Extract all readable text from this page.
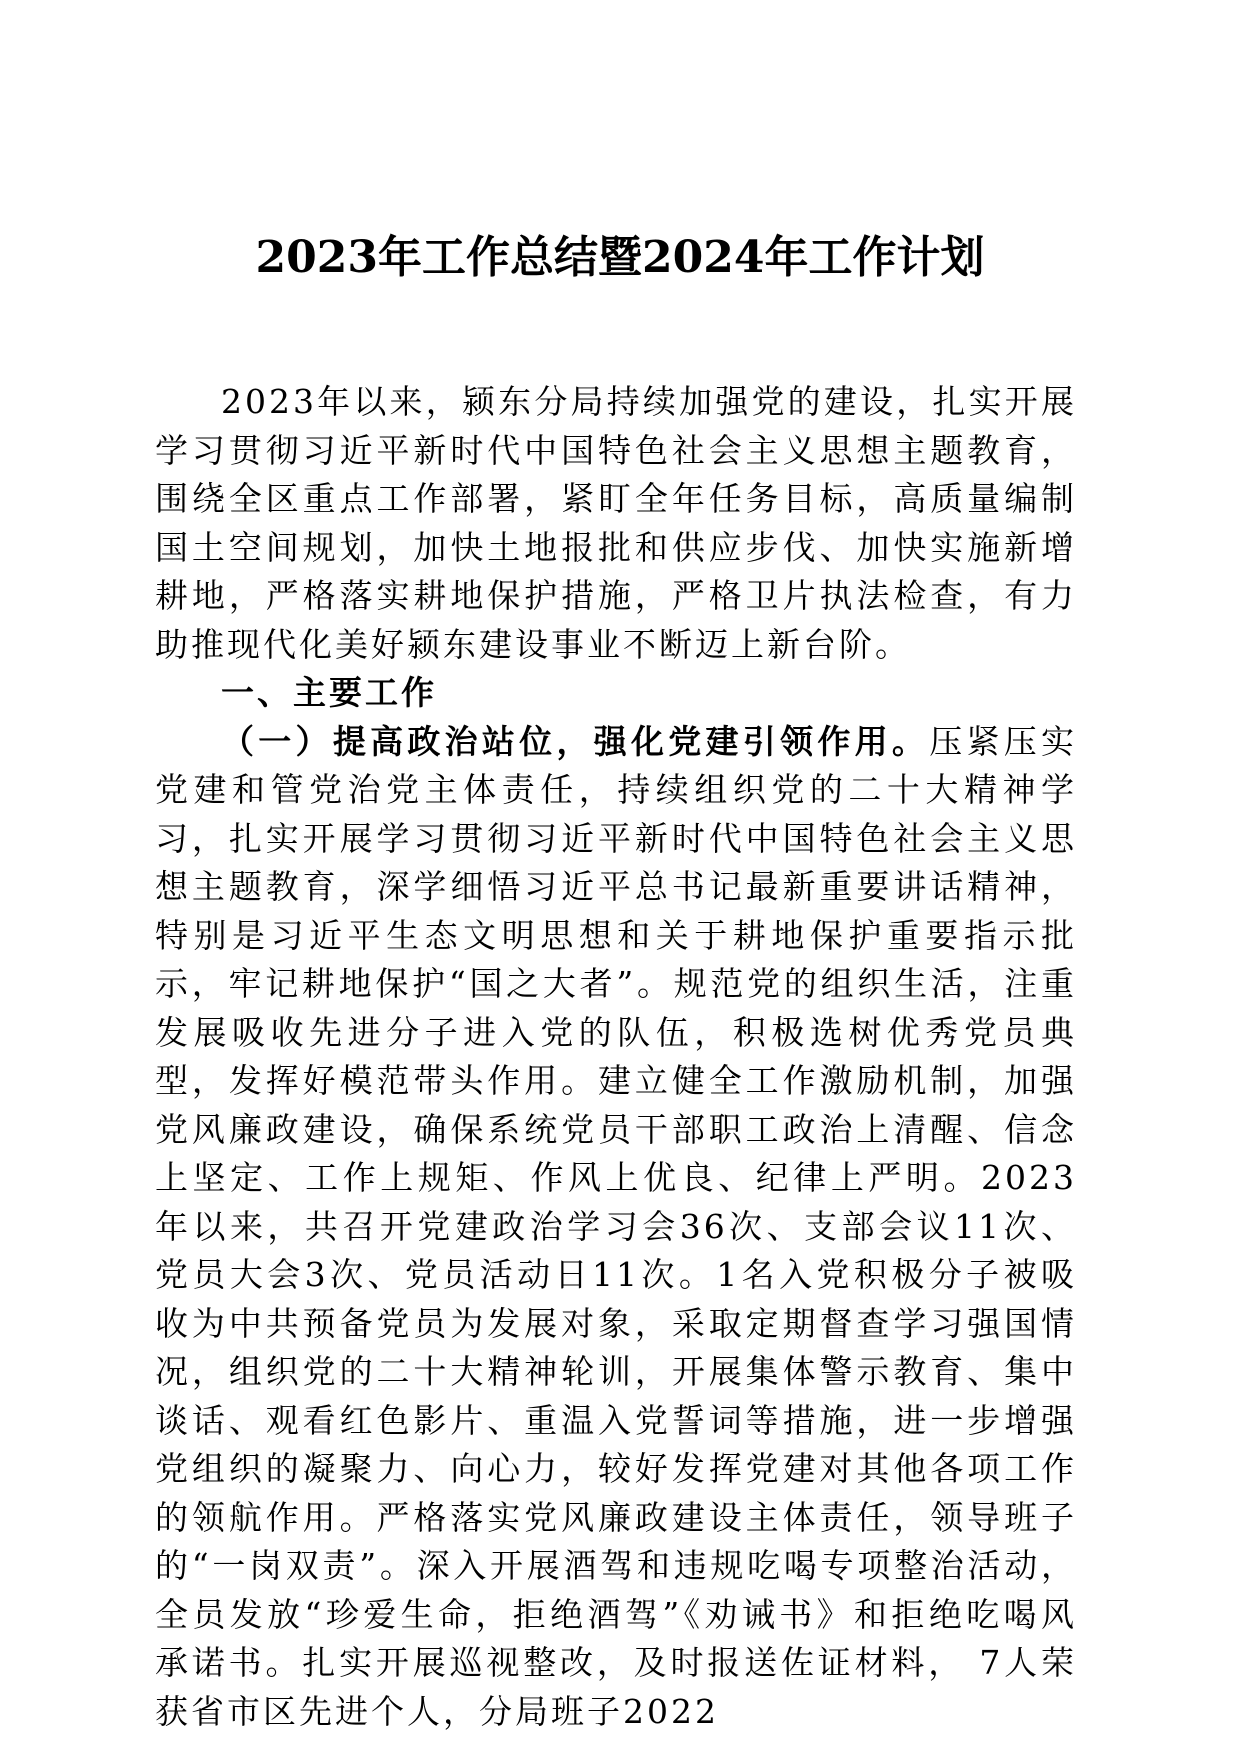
2023年工作总结暨2024年工作计划

2023年以来，颍东分局持续加强党的建设，扎实开展学习贯彻习近平新时代中国特色社会主义思想主题教育，围绕全区重点工作部署，紧盯全年任务目标，高质量编制国土空间规划，加快土地报批和供应步伐、加快实施新增耕地，严格落实耕地保护措施，严格卫片执法检查，有力助推现代化美好颍东建设事业不断迈上新台阶。

一、主要工作

（一）提高政治站位，强化党建引领作用。压紧压实党建和管党治党主体责任，持续组织党的二十大精神学习，扎实开展学习贯彻习近平新时代中国特色社会主义思想主题教育，深学细悟习近平总书记最新重要讲话精神，特别是习近平生态文明思想和关于耕地保护重要指示批示，牢记耕地保护“国之大者”。规范党的组织生活，注重发展吸收先进分子进入党的队伍，积极选树优秀党员典型，发挥好模范带头作用。建立健全工作激励机制，加强党风廉政建设，确保系统党员干部职工政治上清醒、信念上坚定、工作上规矩、作风上优良、纪律上严明。2023年以来，共召开党建政治学习会36次、支部会议11次、党员大会3次、党员活动日11次。1名入党积极分子被吸收为中共预备党员为发展对象，采取定期督查学习强国情况，组织党的二十大精神轮训，开展集体警示教育、集中谈话、观看红色影片、重温入党誓词等措施，进一步增强党组织的凝聚力、向心力，较好发挥党建对其他各项工作的领航作用。严格落实党风廉政建设主体责任，领导班子的“一岗双责”。深入开展酒驾和违规吃喝专项整治活动，全员发放“珍爱生命，拒绝酒驾”《劝诫书》和拒绝吃喝风承诺书。扎实开展巡视整改，及时报送佐证材料， 7人荣获省市区先进个人，分局班子2022
